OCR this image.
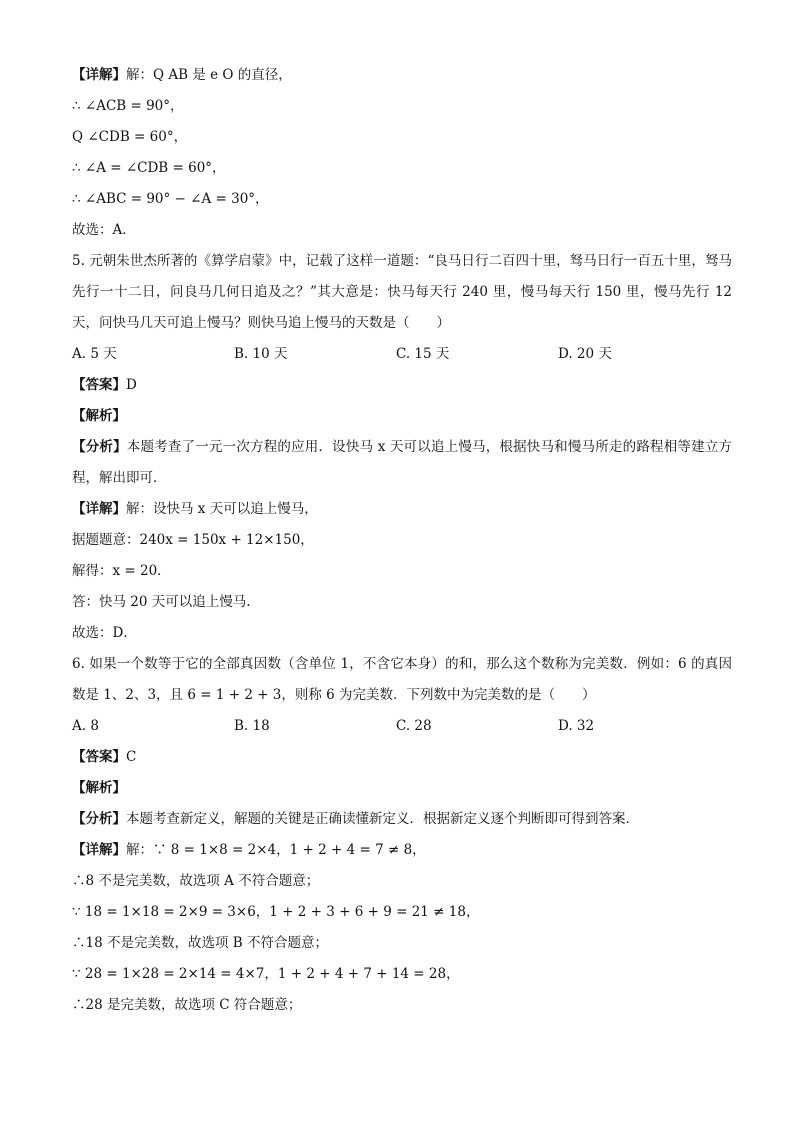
【详解】解：Q AB 是 e O 的直径，
∴ ∠ACB = 90°，
Q ∠CDB = 60°，
∴ ∠A = ∠CDB = 60°，
∴ ∠ABC = 90° − ∠A = 30°，
故选：A．
5. 元朝朱世杰所著的《算学启蒙》中，记载了这样一道题：“良马日行二百四十里，驽马日行一百五十里，驽马先行一十二日，问良马几何日追及之？”其大意是：快马每天行 240 里，慢马每天行 150 里，慢马先行 12 天，问快马几天可追上慢马？则快马追上慢马的天数是（　　）
A. 5 天	B. 10 天	C. 15 天	D. 20 天
【答案】D
【解析】
【分析】本题考查了一元一次方程的应用．设快马 x 天可以追上慢马，根据快马和慢马所走的路程相等建立方程，解出即可．
【详解】解：设快马 x 天可以追上慢马，
据题题意：240x = 150x + 12×150，
解得：x = 20．
答：快马 20 天可以追上慢马.
故选：D．
6. 如果一个数等于它的全部真因数（含单位 1，不含它本身）的和，那么这个数称为完美数．例如：6 的真因数是 1、2、3，且 6 = 1 + 2 + 3，则称 6 为完美数．下列数中为完美数的是（　　）
A. 8	B. 18	C. 28	D. 32
【答案】C
【解析】
【分析】本题考查新定义，解题的关键是正确读懂新定义．根据新定义逐个判断即可得到答案．
【详解】解：∵ 8 = 1×8 = 2×4，1 + 2 + 4 = 7 ≠ 8，
∴8 不是完美数，故选项 A 不符合题意；
∵ 18 = 1×18 = 2×9 = 3×6，1 + 2 + 3 + 6 + 9 = 21 ≠ 18，
∴18 不是完美数，故选项 B 不符合题意；
∵ 28 = 1×28 = 2×14 = 4×7，1 + 2 + 4 + 7 + 14 = 28，
∴28 是完美数，故选项 C 符合题意；
